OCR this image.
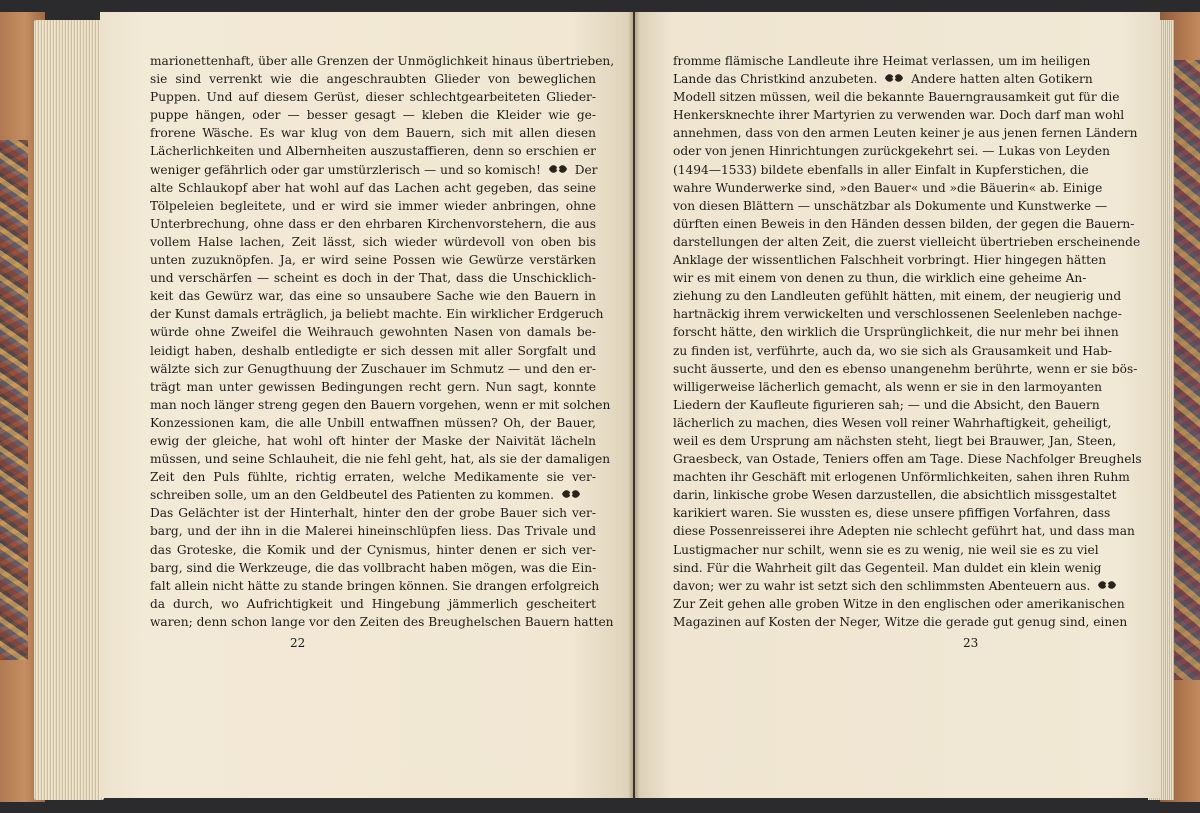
marionettenhaft, über alle Grenzen der Unmöglichkeit hinaus übertrieben,
sie sind verrenkt wie die angeschraubten Glieder von beweglichen
Puppen. Und auf diesem Gerüst, dieser schlechtgearbeiteten Glieder-
puppe hängen, oder — besser gesagt — kleben die Kleider wie ge-
frorene Wäsche. Es war klug von dem Bauern, sich mit allen diesen
Lächerlichkeiten und Albernheiten auszustaffieren, denn so erschien er
weniger gefährlich oder gar umstürzlerisch — und so komisch!  Der
alte Schlaukopf aber hat wohl auf das Lachen acht gegeben, das seine
Tölpeleien begleitete, und er wird sie immer wieder anbringen, ohne
Unterbrechung, ohne dass er den ehrbaren Kirchenvorstehern, die aus
vollem Halse lachen, Zeit lässt, sich wieder würdevoll von oben bis
unten zuzuknöpfen. Ja, er wird seine Possen wie Gewürze verstärken
und verschärfen — scheint es doch in der That, dass die Unschicklich-
keit das Gewürz war, das eine so unsaubere Sache wie den Bauern in
der Kunst damals erträglich, ja beliebt machte. Ein wirklicher Erdgeruch
würde ohne Zweifel die Weihrauch gewohnten Nasen von damals be-
leidigt haben, deshalb entledigte er sich dessen mit aller Sorgfalt und
wälzte sich zur Genugthuung der Zuschauer im Schmutz — und den er-
trägt man unter gewissen Bedingungen recht gern. Nun sagt, konnte
man noch länger streng gegen den Bauern vorgehen, wenn er mit solchen
Konzessionen kam, die alle Unbill entwaffnen müssen? Oh, der Bauer,
ewig der gleiche, hat wohl oft hinter der Maske der Naivität lächeln
müssen, und seine Schlauheit, die nie fehl geht, hat, als sie der damaligen
Zeit den Puls fühlte, richtig erraten, welche Medikamente sie ver-
schreiben solle, um an den Geldbeutel des Patienten zu kommen.
Das Gelächter ist der Hinterhalt, hinter den der grobe Bauer sich ver-
barg, und der ihn in die Malerei hineinschlüpfen liess. Das Trivale und
das Groteske, die Komik und der Cynismus, hinter denen er sich ver-
barg, sind die Werkzeuge, die das vollbracht haben mögen, was die Ein-
falt allein nicht hätte zu stande bringen können. Sie drangen erfolgreich
da durch, wo Aufrichtigkeit und Hingebung jämmerlich gescheitert
waren; denn schon lange vor den Zeiten des Breughelschen Bauern hatten
22
fromme flämische Landleute ihre Heimat verlassen, um im heiligen
Lande das Christkind anzubeten.  Andere hatten alten Gotikern
Modell sitzen müssen, weil die bekannte Bauerngrausamkeit gut für die
Henkersknechte ihrer Martyrien zu verwenden war. Doch darf man wohl
annehmen, dass von den armen Leuten keiner je aus jenen fernen Ländern
oder von jenen Hinrichtungen zurückgekehrt sei. — Lukas von Leyden
(1494—1533) bildete ebenfalls in aller Einfalt in Kupferstichen, die
wahre Wunderwerke sind, »den Bauer« und »die Bäuerin« ab. Einige
von diesen Blättern — unschätzbar als Dokumente und Kunstwerke —
dürften einen Beweis in den Händen dessen bilden, der gegen die Bauern-
darstellungen der alten Zeit, die zuerst vielleicht übertrieben erscheinende
Anklage der wissentlichen Falschheit vorbringt. Hier hingegen hätten
wir es mit einem von denen zu thun, die wirklich eine geheime An-
ziehung zu den Landleuten gefühlt hätten, mit einem, der neugierig und
hartnäckig ihrem verwickelten und verschlossenen Seelenleben nachge-
forscht hätte, den wirklich die Ursprünglichkeit, die nur mehr bei ihnen
zu finden ist, verführte, auch da, wo sie sich als Grausamkeit und Hab-
sucht äusserte, und den es ebenso unangenehm berührte, wenn er sie bös-
willigerweise lächerlich gemacht, als wenn er sie in den larmoyanten
Liedern der Kaufleute figurieren sah; — und die Absicht, den Bauern
lächerlich zu machen, dies Wesen voll reiner Wahrhaftigkeit, geheiligt,
weil es dem Ursprung am nächsten steht, liegt bei Brauwer, Jan, Steen,
Graesbeck, van Ostade, Teniers offen am Tage. Diese Nachfolger Breughels
machten ihr Geschäft mit erlogenen Unförmlichkeiten, sahen ihren Ruhm
darin, linkische grobe Wesen darzustellen, die absichtlich missgestaltet
karikiert waren. Sie wussten es, diese unsere pfiffigen Vorfahren, dass
diese Possenreisserei ihre Adepten nie schlecht geführt hat, und dass man
Lustigmacher nur schilt, wenn sie es zu wenig, nie weil sie es zu viel
sind. Für die Wahrheit gilt das Gegenteil. Man duldet ein klein wenig
davon; wer zu wahr ist setzt sich den schlimmsten Abenteuern aus.
Zur Zeit gehen alle groben Witze in den englischen oder amerikanischen
Magazinen auf Kosten der Neger, Witze die gerade gut genug sind, einen
23
